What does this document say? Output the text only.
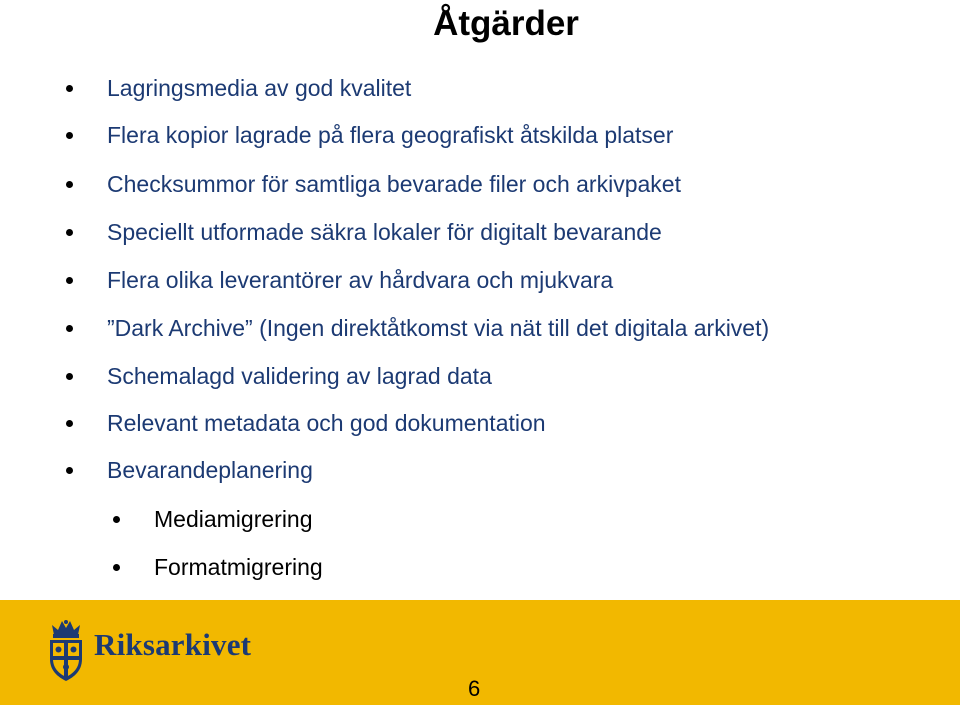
Åtgärder
Lagringsmedia av god kvalitet
Flera kopior lagrade på flera geografiskt åtskilda platser
Checksummor för samtliga bevarade filer och arkivpaket
Speciellt utformade säkra lokaler för digitalt bevarande
Flera olika leverantörer av hårdvara och mjukvara
”Dark Archive” (Ingen direktåtkomst via nät till det digitala arkivet)
Schemalagd validering av lagrad data
Relevant metadata och god dokumentation
Bevarandeplanering
Mediamigrering
Formatmigrering
Riksarkivet
6
